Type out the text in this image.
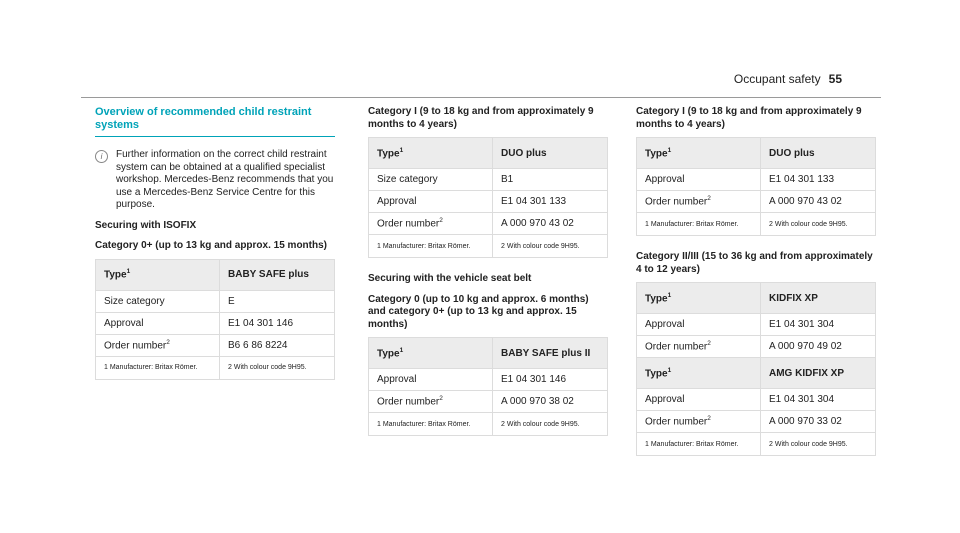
Occupant safety 55
Overview of recommended child restraint systems
i	Further information on the correct child restraint system can be obtained at a qualified specialist workshop. Mercedes-Benz recommends that you use a Mercedes-Benz Service Centre for this purpose.
Securing with ISOFIX
Category 0+ (up to 13 kg and approx. 15 months)
Type$^1$	BABY SAFE plus
Size category	E
Approval	E1 04 301 146
Order number$^2$	B6 6 86 8224
1 Manufacturer: Britax Römer.	2 With colour code 9H95.
Category I (9 to 18 kg and from approximately 9 months to 4 years)
Type$^1$	DUO plus
Size category	B1
Approval	E1 04 301 133
Order number$^2$	A 000 970 43 02
1 Manufacturer: Britax Römer.	2 With colour code 9H95.
Securing with the vehicle seat belt
Category 0 (up to 10 kg and approx. 6 months) and category 0+ (up to 13 kg and approx. 15 months)
Type$^1$	BABY SAFE plus II
Approval	E1 04 301 146
Order number$^2$	A 000 970 38 02
1 Manufacturer: Britax Römer.	2 With colour code 9H95.
Category I (9 to 18 kg and from approximately 9 months to 4 years)
Type$^1$	DUO plus
Approval	E1 04 301 133
Order number$^2$	A 000 970 43 02
1 Manufacturer: Britax Römer.	2 With colour code 9H95.
Category II/III (15 to 36 kg and from approximately 4 to 12 years)
Type$^1$	KIDFIX XP
Approval	E1 04 301 304
Order number$^2$	A 000 970 49 02
Type$^1$	AMG KIDFIX XP
Approval	E1 04 301 304
Order number$^2$	A 000 970 33 02
1 Manufacturer: Britax Römer.	2 With colour code 9H95.
